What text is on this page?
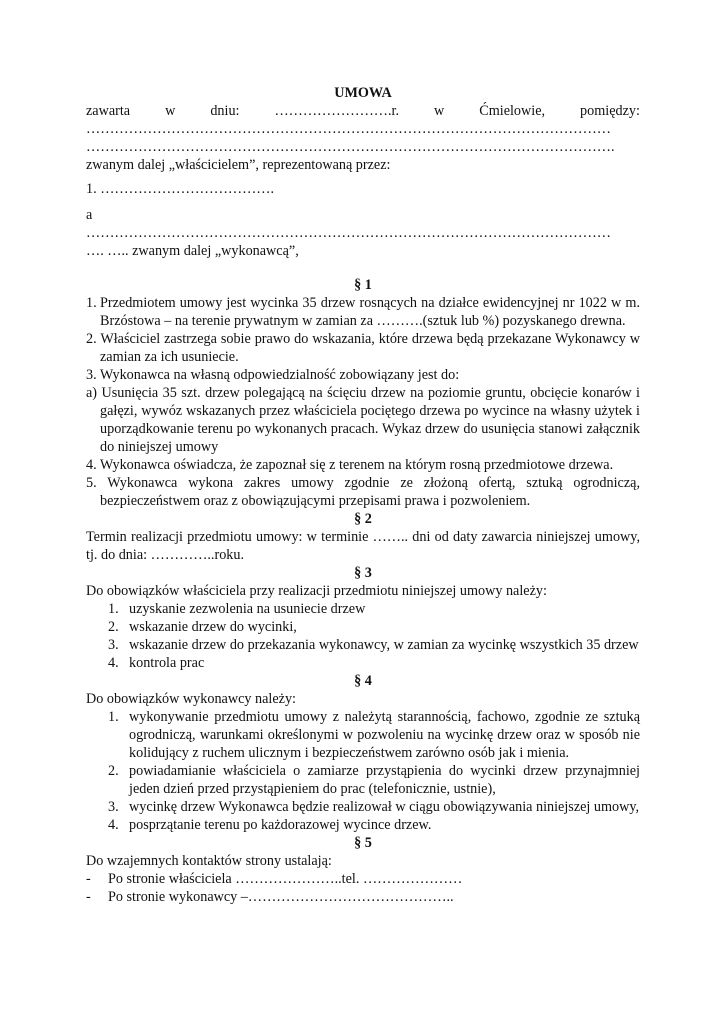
UMOWA

zawarta w dniu: …………………….r. w Ćmielowie, pomiędzy:
…………………………………………………………………………………………………
………………………………………………………………………………………………….
zwanym dalej „właścicielem”, reprezentowaną przez:
1. ……………………………….
a
…………………………………………………………………………………………………
…. ….. zwanym dalej „wykonawcą”,
§ 1
1. Przedmiotem umowy jest wycinka 35 drzew rosnących na działce ewidencyjnej nr 1022 w m. Brzóstowa – na terenie prywatnym w zamian za ……….(sztuk lub %) pozyskanego drewna.

2. Właściciel zastrzega sobie prawo do wskazania, które drzewa będą przekazane Wykonawcy w zamian za ich usuniecie.

3. Wykonawca na własną odpowiedzialność zobowiązany jest do:

a) Usunięcia 35 szt. drzew polegającą na ścięciu drzew na poziomie gruntu, obcięcie konarów i gałęzi, wywóz wskazanych przez właściciela pociętego drzewa po wycince na własny użytek i uporządkowanie terenu po wykonanych pracach. Wykaz drzew do usunięcia stanowi załącznik do niniejszej umowy

4. Wykonawca oświadcza, że zapoznał się z terenem na którym rosną przedmiotowe drzewa.

5. Wykonawca wykona zakres umowy zgodnie ze złożoną ofertą, sztuką ogrodniczą, bezpieczeństwem oraz z obowiązującymi przepisami prawa i pozwoleniem.

§ 2

Termin realizacji przedmiotu umowy: w terminie …….. dni od daty zawarcia niniejszej umowy, tj. do dnia: …………..roku.

§ 3

Do obowiązków właściciela przy realizacji przedmiotu niniejszej umowy należy:

1. uzyskanie zezwolenia na usuniecie drzew
2. wskazanie drzew do wycinki,
3. wskazanie drzew do przekazania wykonawcy, w zamian za wycinkę wszystkich 35 drzew
4. kontrola prac
§ 4

Do obowiązków wykonawcy należy:

1. wykonywanie przedmiotu umowy z należytą starannością, fachowo, zgodnie ze sztuką ogrodniczą, warunkami określonymi w pozwoleniu na wycinkę drzew oraz w sposób nie kolidujący z ruchem ulicznym i bezpieczeństwem zarówno osób jak i mienia.
2. powiadamianie właściciela o zamiarze przystąpienia do wycinki drzew przynajmniej jeden dzień przed przystąpieniem do prac (telefonicznie, ustnie),
3. wycinkę drzew Wykonawca będzie realizował w ciągu obowiązywania niniejszej umowy,
4. posprzątanie terenu po każdorazowej wycince drzew.
§ 5

Do wzajemnych kontaktów strony ustalają:

-	Po stronie właściciela …………………..tel. …………………
-	Po stronie wykonawcy –……………………………………..
